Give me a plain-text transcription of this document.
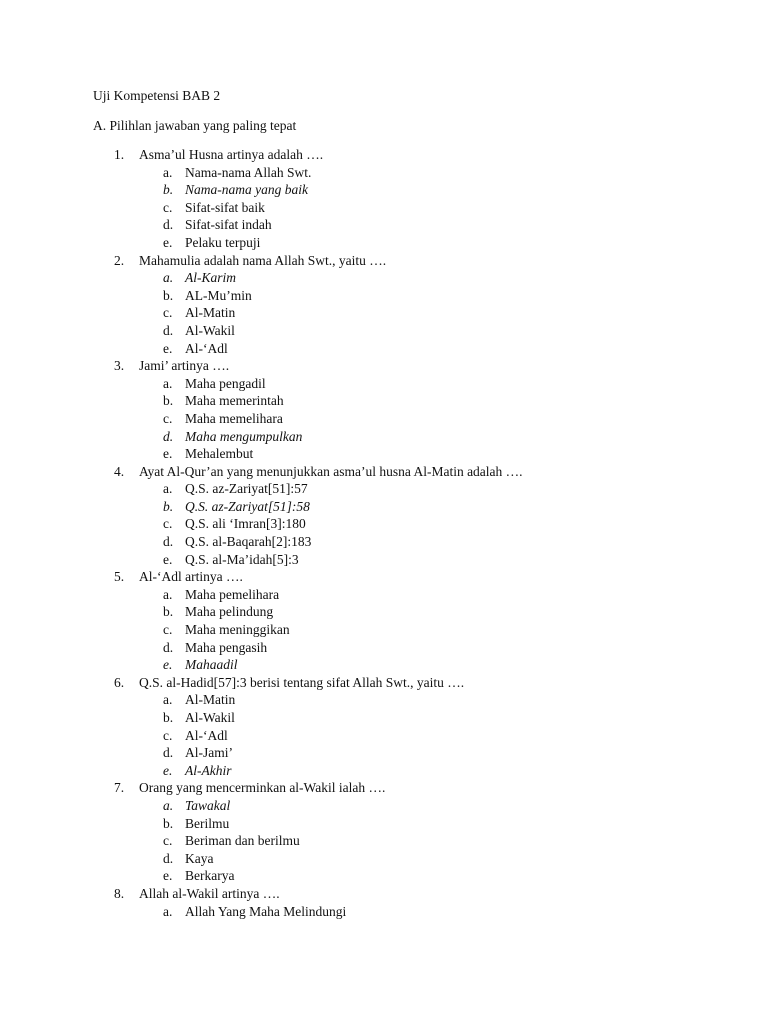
Uji Kompetensi BAB 2
A. Pilihlan jawaban yang paling tepat
1. Asma’ul Husna artinya adalah ….
a. Nama-nama Allah Swt.
b. Nama-nama yang baik
c. Sifat-sifat baik
d. Sifat-sifat indah
e. Pelaku terpuji
2. Mahamulia adalah nama Allah Swt., yaitu ….
a. Al-Karim
b. AL-Mu’min
c. Al-Matin
d. Al-Wakil
e. Al-‘Adl
3. Jami’ artinya ….
a. Maha pengadil
b. Maha memerintah
c. Maha memelihara
d. Maha mengumpulkan
e. Mehalembut
4. Ayat Al-Qur’an yang menunjukkan asma’ul husna Al-Matin adalah ….
a. Q.S. az-Zariyat[51]:57
b. Q.S. az-Zariyat[51]:58
c. Q.S. ali ‘Imran[3]:180
d. Q.S. al-Baqarah[2]:183
e. Q.S. al-Ma’idah[5]:3
5. Al-‘Adl artinya ….
a. Maha pemelihara
b. Maha pelindung
c. Maha meninggikan
d. Maha pengasih
e. Mahaadil
6. Q.S. al-Hadid[57]:3 berisi tentang sifat Allah Swt., yaitu ….
a. Al-Matin
b. Al-Wakil
c. Al-‘Adl
d. Al-Jami’
e. Al-Akhir
7. Orang yang mencerminkan al-Wakil ialah ….
a. Tawakal
b. Berilmu
c. Beriman dan berilmu
d. Kaya
e. Berkarya
8. Allah al-Wakil artinya ….
a. Allah Yang Maha Melindungi
